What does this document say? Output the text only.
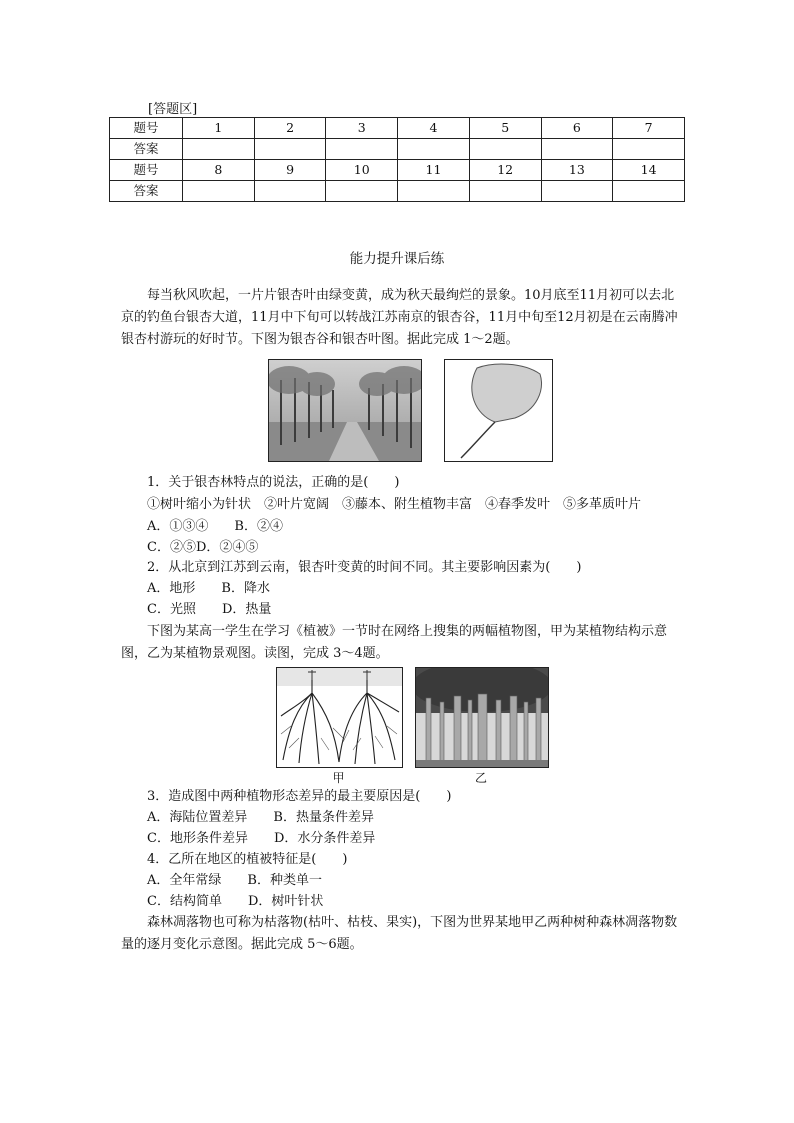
[答题区]
题号	1	2	3	4	5	6	7
答案							
题号	8	9	10	11	12	13	14
答案							
能力提升课后练
每当秋风吹起，一片片银杏叶由绿变黄，成为秋天最绚烂的景象。10月底至11月初可以去北京的钓鱼台银杏大道，11月中下旬可以转战江苏南京的银杏谷，11月中旬至12月初是在云南腾冲银杏村游玩的好时节。下图为银杏谷和银杏叶图。据此完成 1～2题。
1．关于银杏林特点的说法，正确的是(　　)
①树叶缩小为针状　②叶片宽阔　③藤本、附生植物丰富　④春季发叶　⑤多革质叶片
A．①③④　　B．②④
C．②⑤D．②④⑤
2．从北京到江苏到云南，银杏叶变黄的时间不同。其主要影响因素为(　　)
A．地形　　B．降水
C．光照　　D．热量
下图为某高一学生在学习《植被》一节时在网络上搜集的两幅植物图，甲为某植物结构示意图，乙为某植物景观图。读图，完成 3～4题。
甲	乙
3．造成图中两种植物形态差异的最主要原因是(　　)
A．海陆位置差异　　B．热量条件差异
C．地形条件差异　　D．水分条件差异
4．乙所在地区的植被特征是(　　)
A．全年常绿　　B．种类单一
C．结构简单　　D．树叶针状
森林凋落物也可称为枯落物(枯叶、枯枝、果实)，下图为世界某地甲乙两种树种森林凋落物数量的逐月变化示意图。据此完成 5～6题。
